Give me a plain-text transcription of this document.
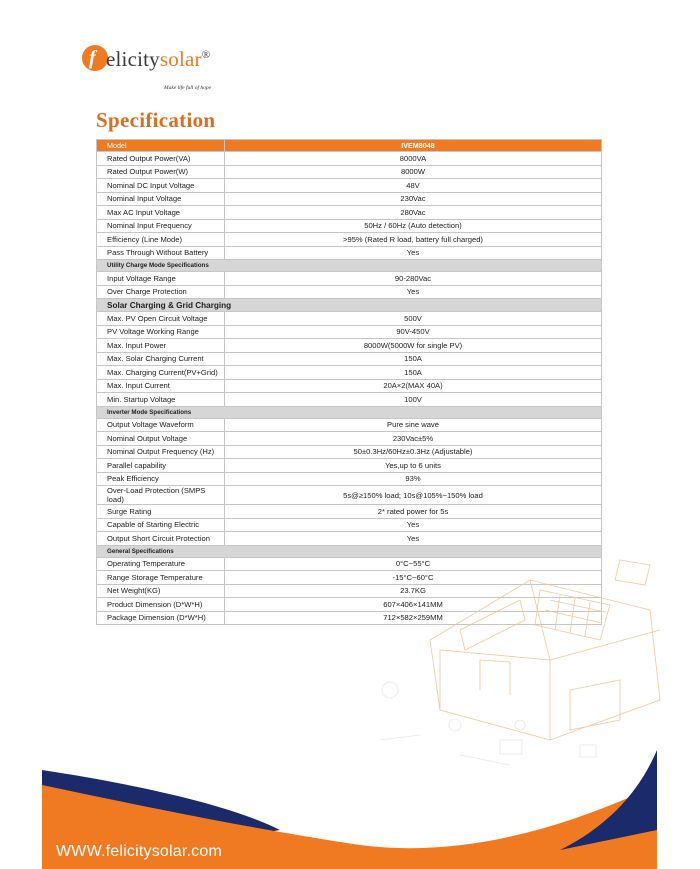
f elicitysolar®
Make life full of hope
Specification
Model	IVEM8048
Rated Output Power(VA)	8000VA
Rated Output Power(W)	8000W
Nominal DC Input Voltage	48V
Nominal Input Voltage	230Vac
Max AC Input Voltage	280Vac
Nominal Input Frequency	50Hz / 60Hz (Auto detection)
Efficiency (Line Mode)	>95% (Rated R load, battery full charged)
Pass Through Without Battery	Yes
Utility Charge Mode Specifications	
Input Voltage Range	90-280Vac
Over Charge Protection	Yes
Solar Charging & Grid Charging	
Max. PV Open Circuit Voltage	500V
PV Voltage Working Range	90V-450V
Max. Input Power	8000W(5000W for single PV)
Max. Solar Charging Current	150A
Max. Charging Current(PV+Grid)	150A
Max. Input Current	20A×2(MAX 40A)
Min. Startup Voltage	100V
Inverter Mode Specifications	
Output Voltage Waveform	Pure sine wave
Nominal Output Voltage	230Vac±5%
Nominal Output Frequency (Hz)	50±0.3Hz/60Hz±0.3Hz (Adjustable)
Parallel capability	Yes,up to 6 units
Peak Efficiency	93%
Over-Load Protection (SMPS load)	5s@≥150% load; 10s@105%~150% load
Surge Rating	2* rated power for 5s
Capable of Starting Electric	Yes
Output Short Circuit Protection	Yes
General Specifications	
Operating Temperature	0°C~55°C
Range Storage Temperature	-15°C~60°C
Net Weight(KG)	23.7KG
Product Dimension (D*W*H)	607×406×141MM
Package Dimension (D*W*H)	712×582×259MM
WWW.felicitysolar.com
